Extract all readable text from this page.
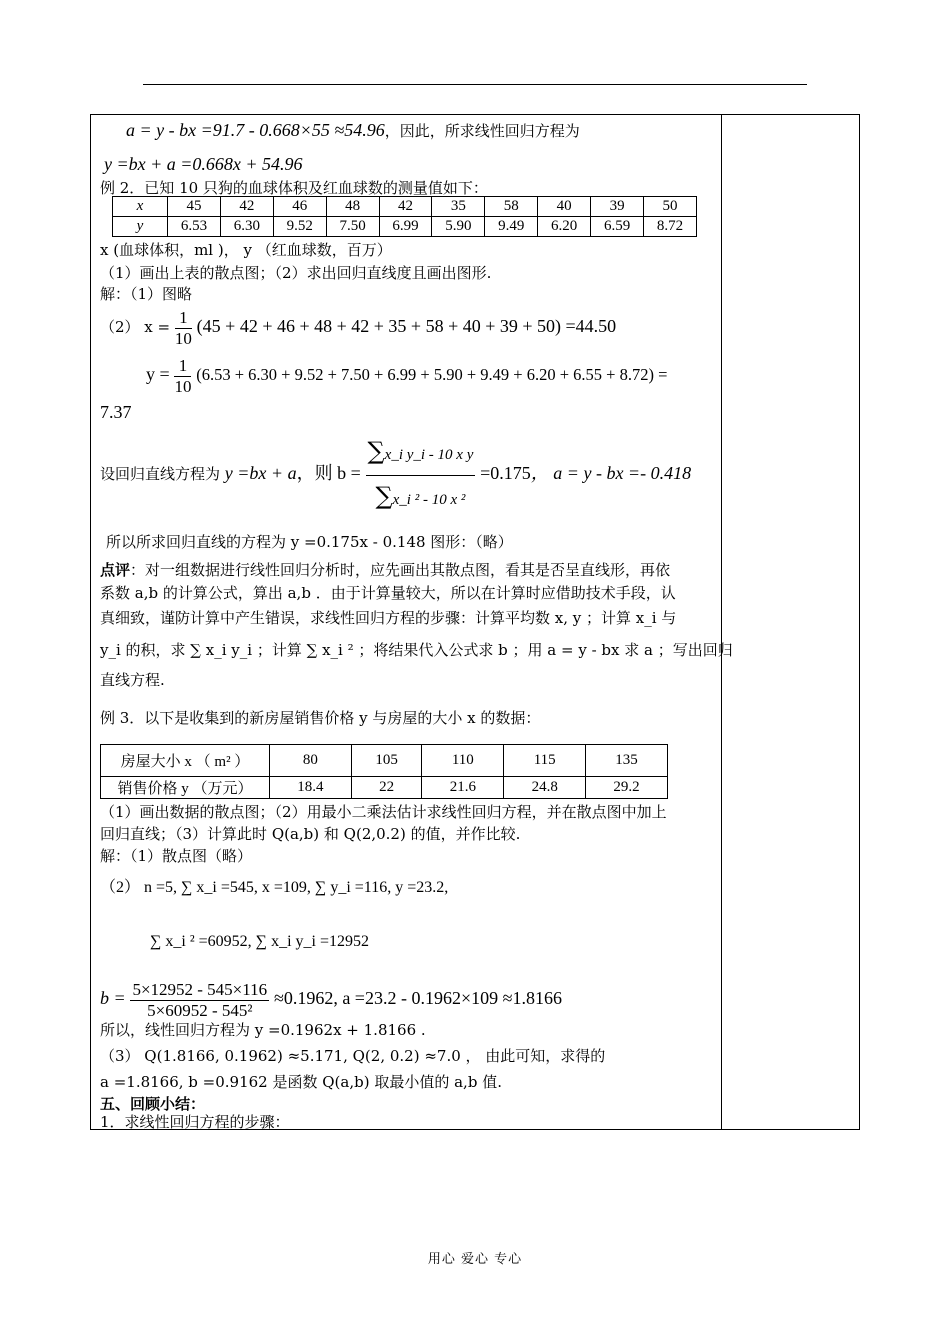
a = y - bx =91.7 - 0.668×55 ≈54.96，因此，所求线性回归方程为
y =bx + a =0.668x + 54.96
例 2．已知 10 只狗的血球体积及红血球数的测量值如下：
x	45	42	46	48	42	35	58	40	39	50
y	6.53	6.30	9.52	7.50	6.99	5.90	9.49	6.20	6.59	8.72
x (血球体积，ml )， y （红血球数，百万）
（1）画出上表的散点图；（2）求出回归直线度且画出图形.
解：（1）图略
（2） $x = \frac{1}{10} (45 + 42 + 46 + 48 + 42 + 35 + 58 + 40 + 39 + 50) =44.50$
$y = \frac{1}{10} (6.53 + 6.30 + 9.52 + 7.50 + 6.99 + 5.90 + 9.49 + 6.20 + 6.55 + 8.72)$ =
7.37
设回归直线方程为 y =bx + a，则 $b = \frac{\text{∑x\_i y\_i - 10 x y}}{\text{∑x\_i ² - 10 x ²}} =0.175$， a = y - bx =- 0.418
所以所求回归直线的方程为 y =0.175x - 0.148 图形：（略）
点评：对一组数据进行线性回归分析时，应先画出其散点图，看其是否呈直线形，再依
系数 a,b 的计算公式，算出 a,b ．由于计算量较大，所以在计算时应借助技术手段，认
真细致，谨防计算中产生错误，求线性回归方程的步骤：计算平均数 x, y ；计算 x_i 与
y_i 的积，求 ∑ x_i y_i ；计算 ∑ x_i ² ；将结果代入公式求 b ；用 a = y - bx 求 a ；写出回归
直线方程.
例 3．以下是收集到的新房屋销售价格 y 与房屋的大小 x 的数据：
房屋大小 x （ m² ）	80	105	110	115	135
销售价格 y （万元）	18.4	22	21.6	24.8	29.2
（1）画出数据的散点图；（2）用最小二乘法估计求线性回归方程，并在散点图中加上
回归直线；（3）计算此时 Q(a,b) 和 Q(2,0.2) 的值，并作比较.
解：（1）散点图（略）
（2） n =5, ∑ x_i =545, x =109, ∑ y_i =116, y =23.2,
∑ x_i ² =60952, ∑ x_i y_i =12952
$b = \frac{5\times 12952 - 545\times 116}{\text{5×60952 - 545²}} \approx 0.1962$, a =23.2 - 0.1962×109 ≈1.8166
所以，线性回归方程为 y =0.1962x + 1.8166 .
（3） Q(1.8166, 0.1962) ≈5.171, Q(2, 0.2) ≈7.0 ， 由此可知，求得的
a =1.8166, b =0.9162 是函数 Q(a,b) 取最小值的 a,b 值.
五、回顾小结：
1．求线性回归方程的步骤：
用心 爱心 专心
